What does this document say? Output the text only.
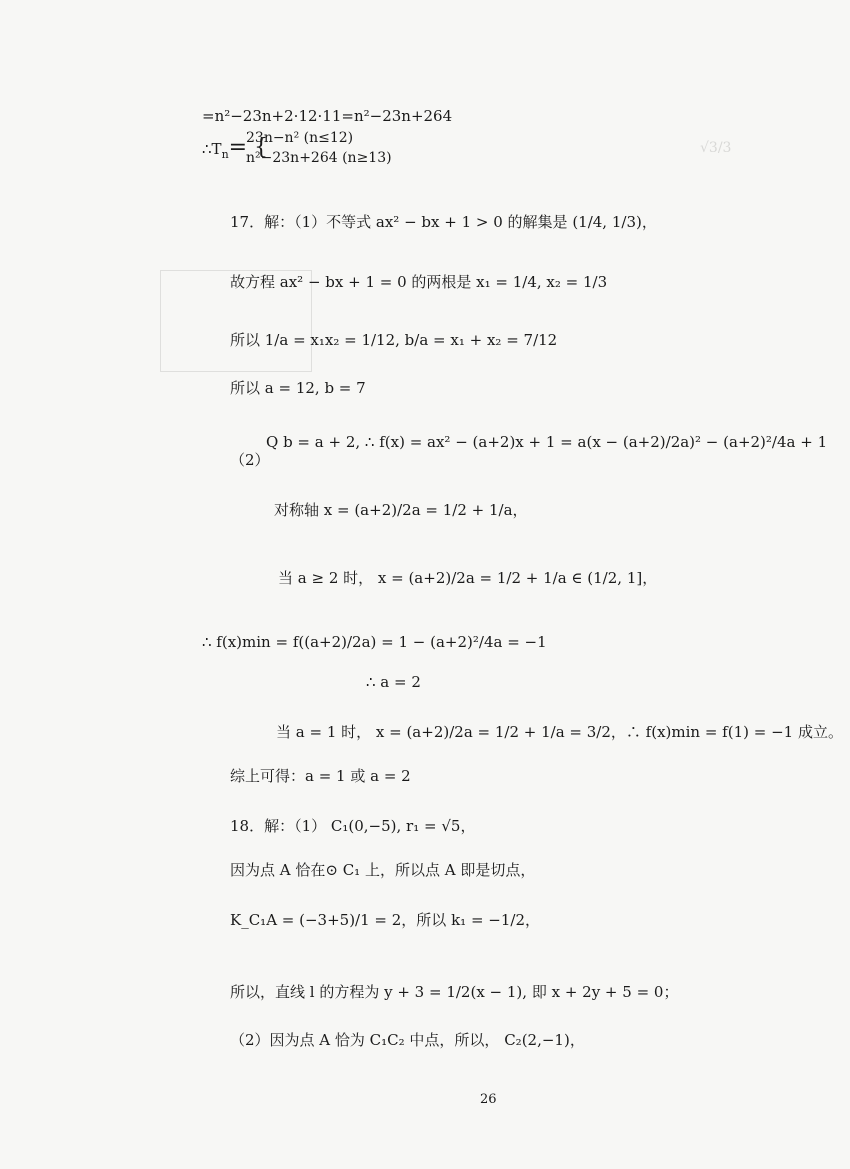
√3/3
=n²−23n+2·12·11=n²−23n+264
$\therefore T_n=$ {
23n−n² (n≤12)
n²−23n+264 (n≥13)
17．解：（1）不等式 ax² − bx + 1 > 0 的解集是 (1/4, 1/3)，
故方程 ax² − bx + 1 = 0 的两根是 x₁ = 1/4, x₂ = 1/3
所以 1/a = x₁x₂ = 1/12, b/a = x₁ + x₂ = 7/12
所以 a = 12, b = 7
Q b = a + 2, ∴ f(x) = ax² − (a+2)x + 1 = a(x − (a+2)/2a)² − (a+2)²/4a + 1
（2）
对称轴 x = (a+2)/2a = 1/2 + 1/a，
当 a ≥ 2 时， x = (a+2)/2a = 1/2 + 1/a ∈ (1/2, 1]，
∴ f(x)min = f((a+2)/2a) = 1 − (a+2)²/4a = −1
∴ a = 2
当 a = 1 时， x = (a+2)/2a = 1/2 + 1/a = 3/2，∴ f(x)min = f(1) = −1 成立。
综上可得：a = 1 或 a = 2
18．解：（1） C₁(0,−5), r₁ = √5，
因为点 A 恰在⊙ C₁ 上，所以点 A 即是切点，
K_C₁A = (−3+5)/1 = 2，所以 k₁ = −1/2，
所以，直线 l 的方程为 y + 3 = 1/2(x − 1), 即 x + 2y + 5 = 0；
（2）因为点 A 恰为 C₁C₂ 中点，所以， C₂(2,−1)，
26
